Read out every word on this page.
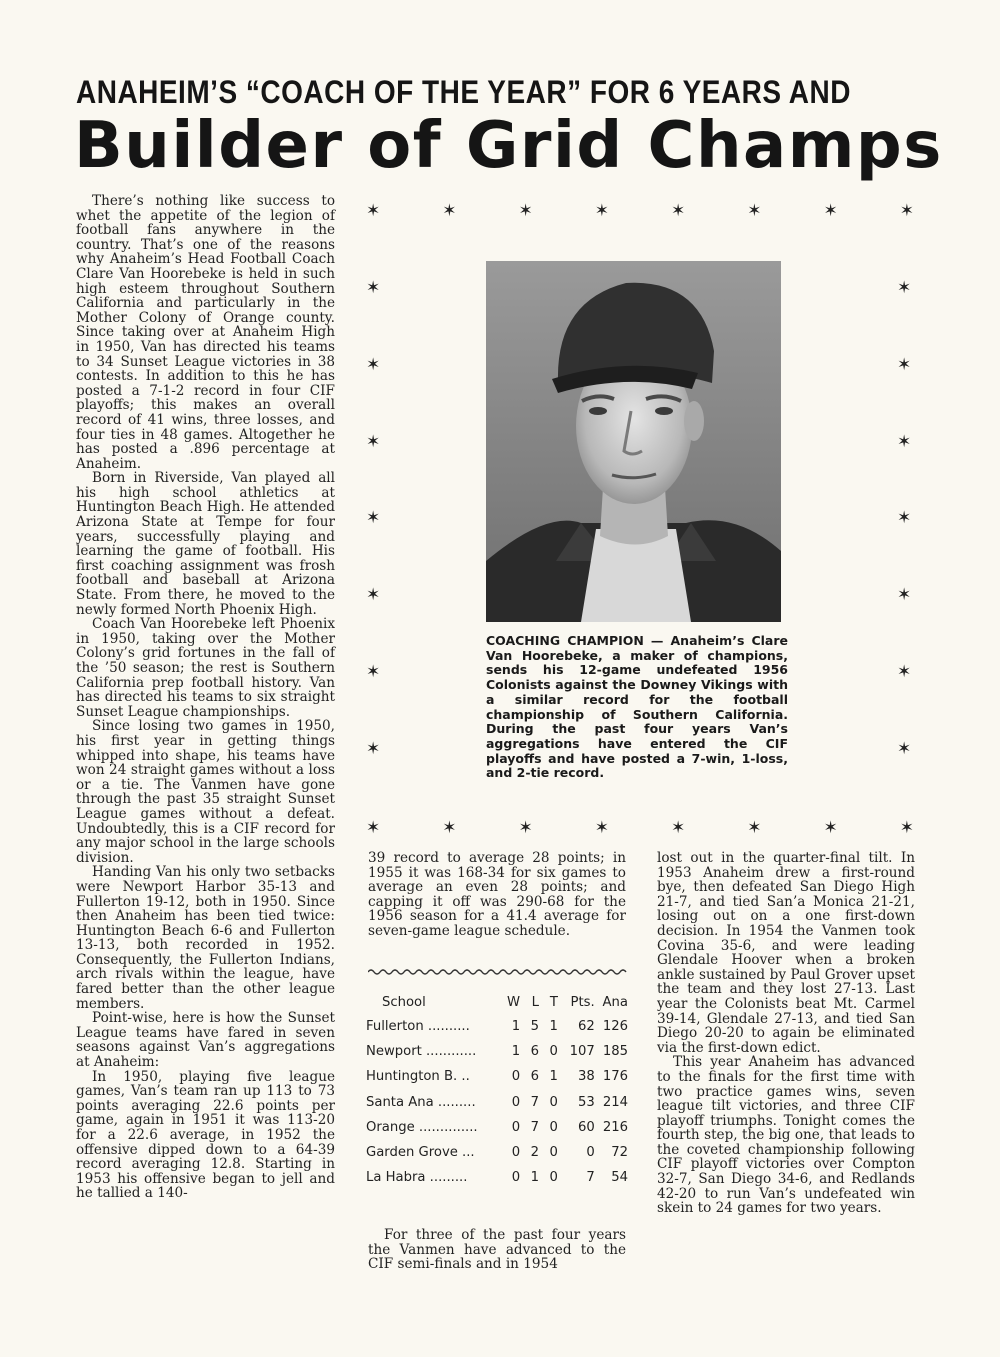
ANAHEIM’S “COACH OF THE YEAR” FOR 6 YEARS AND
Builder of Grid Champs

There’s nothing like success to whet the appetite of the legion of football fans anywhere in the country. That’s one of the reasons why Anaheim’s Head Football Coach Clare Van Hoorebeke is held in such high esteem throughout Southern California and particularly in the Mother Colony of Orange county. Since taking over at Anaheim High in 1950, Van has directed his teams to 34 Sunset League victories in 38 contests. In addition to this he has posted a 7-1-2 record in four CIF playoffs; this makes an overall record of 41 wins, three losses, and four ties in 48 games. Altogether he has posted a .896 percentage at Anaheim.

Born in Riverside, Van played all his high school athletics at Huntington Beach High. He attended Arizona State at Tempe for four years, successfully playing and learning the game of football. His first coaching assignment was frosh football and baseball at Arizona State. From there, he moved to the newly formed North Phoenix High.

Coach Van Hoorebeke left Phoenix in 1950, taking over the Mother Colony’s grid fortunes in the fall of the ’50 season; the rest is Southern California prep football history. Van has directed his teams to six straight Sunset League championships.

Since losing two games in 1950, his first year in getting things whipped into shape, his teams have won 24 straight games without a loss or a tie. The Vanmen have gone through the past 35 straight Sunset League games without a defeat. Undoubtedly, this is a CIF record for any major school in the large schools division.

Handing Van his only two setbacks were Newport Harbor 35-13 and Fullerton 19-12, both in 1950. Since then Anaheim has been tied twice: Huntington Beach 6-6 and Fullerton 13-13, both recorded in 1952. Consequently, the Fullerton Indians, arch rivals within the league, have fared better than the other league members.

Point-wise, here is how the Sunset League teams have fared in seven seasons against Van’s aggregations at Anaheim:

In 1950, playing five league games, Van’s team ran up 113 to 73 points averaging 22.6 points per game, again in 1951 it was 113-20 for a 22.6 average, in 1952 the offensive dipped down to a 64-39 record averaging 12.8. Starting in 1953 his offensive began to jell and he tallied a 140-

✶	✶	✶	✶	✶	✶	✶	✶
✶
✶
✶
✶
✶
✶
✶
✶
✶
✶
✶
✶
✶
✶
✶	✶	✶	✶	✶	✶	✶	✶
COACHING CHAMPION — Anaheim’s Clare Van Hoorebeke, a maker of champions, sends his 12-game undefeated 1956 Colonists against the Downey Vikings with a similar record for the football championship of Southern California. During the past four years Van’s aggregations have entered the CIF playoffs and have posted a 7-win, 1-loss, and 2-tie record.

39 record to average 28 points; in 1955 it was 168-34 for six games to average an even 28 points; and capping it off was 290-68 for the 1956 season for a 41.4 average for seven-game league schedule.

School	W	L	T	Pts.	Ana
Fullerton ..........	1	5	1	62	126
Newport ............	1	6	0	107	185
Huntington B. ..	0	6	1	38	176
Santa Ana .........	0	7	0	53	214
Orange ..............	0	7	0	60	216
Garden Grove ...	0	2	0	0	72
La Habra .........	0	1	0	7	54

For three of the past four years the Vanmen have advanced to the CIF semi-finals and in 1954

lost out in the quarter-final tilt. In 1953 Anaheim drew a first-round bye, then defeated San Diego High 21-7, and tied San’a Monica 21-21, losing out on a one first-down decision. In 1954 the Vanmen took Covina 35-6, and were leading Glendale Hoover when a broken ankle sustained by Paul Grover upset the team and they lost 27-13. Last year the Colonists beat Mt. Carmel 39-14, Glendale 27-13, and tied San Diego 20-20 to again be eliminated via the first-down edict.

This year Anaheim has advanced to the finals for the first time with two practice games wins, seven league tilt victories, and three CIF playoff triumphs. Tonight comes the fourth step, the big one, that leads to the coveted championship following CIF playoff victories over Compton 32-7, San Diego 34-6, and Redlands 42-20 to run Van’s undefeated win skein to 24 games for two years.
